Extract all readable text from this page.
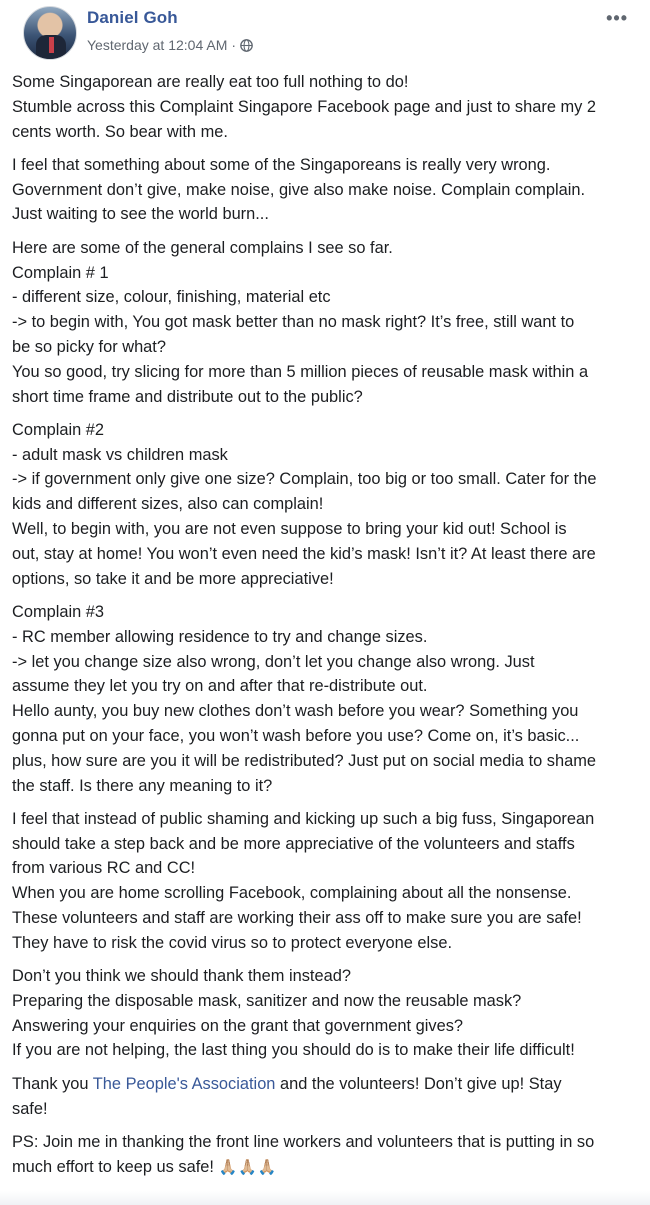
Daniel Goh
Yesterday at 12:04 AM ·
•••
Some Singaporean are really eat too full nothing to do!
Stumble across this Complaint Singapore Facebook page and just to share my 2
cents worth. So bear with me.
I feel that something about some of the Singaporeans is really very wrong.
Government don’t give, make noise, give also make noise. Complain complain.
Just waiting to see the world burn...
Here are some of the general complains I see so far.
Complain # 1
- different size, colour, finishing, material etc
-> to begin with, You got mask better than no mask right? It’s free, still want to
be so picky for what?
You so good, try slicing for more than 5 million pieces of reusable mask within a
short time frame and distribute out to the public?
Complain #2
- adult mask vs children mask
-> if government only give one size? Complain, too big or too small. Cater for the
kids and different sizes, also can complain!
Well, to begin with, you are not even suppose to bring your kid out! School is
out, stay at home! You won’t even need the kid’s mask! Isn’t it? At least there are
options, so take it and be more appreciative!
Complain #3
- RC member allowing residence to try and change sizes.
-> let you change size also wrong, don’t let you change also wrong. Just
assume they let you try on and after that re-distribute out.
Hello aunty, you buy new clothes don’t wash before you wear? Something you
gonna put on your face, you won’t wash before you use? Come on, it’s basic...
plus, how sure are you it will be redistributed? Just put on social media to shame
the staff. Is there any meaning to it?
I feel that instead of public shaming and kicking up such a big fuss, Singaporean
should take a step back and be more appreciative of the volunteers and staffs
from various RC and CC!
When you are home scrolling Facebook, complaining about all the nonsense.
These volunteers and staff are working their ass off to make sure you are safe!
They have to risk the covid virus so to protect everyone else.
Don’t you think we should thank them instead?
Preparing the disposable mask, sanitizer and now the reusable mask?
Answering your enquiries on the grant that government gives?
If you are not helping, the last thing you should do is to make their life difficult!
Thank you The People's Association and the volunteers! Don’t give up! Stay
safe!
PS: Join me in thanking the front line workers and volunteers that is putting in so
much effort to keep us safe! 🙏🏼🙏🏼🙏🏼
